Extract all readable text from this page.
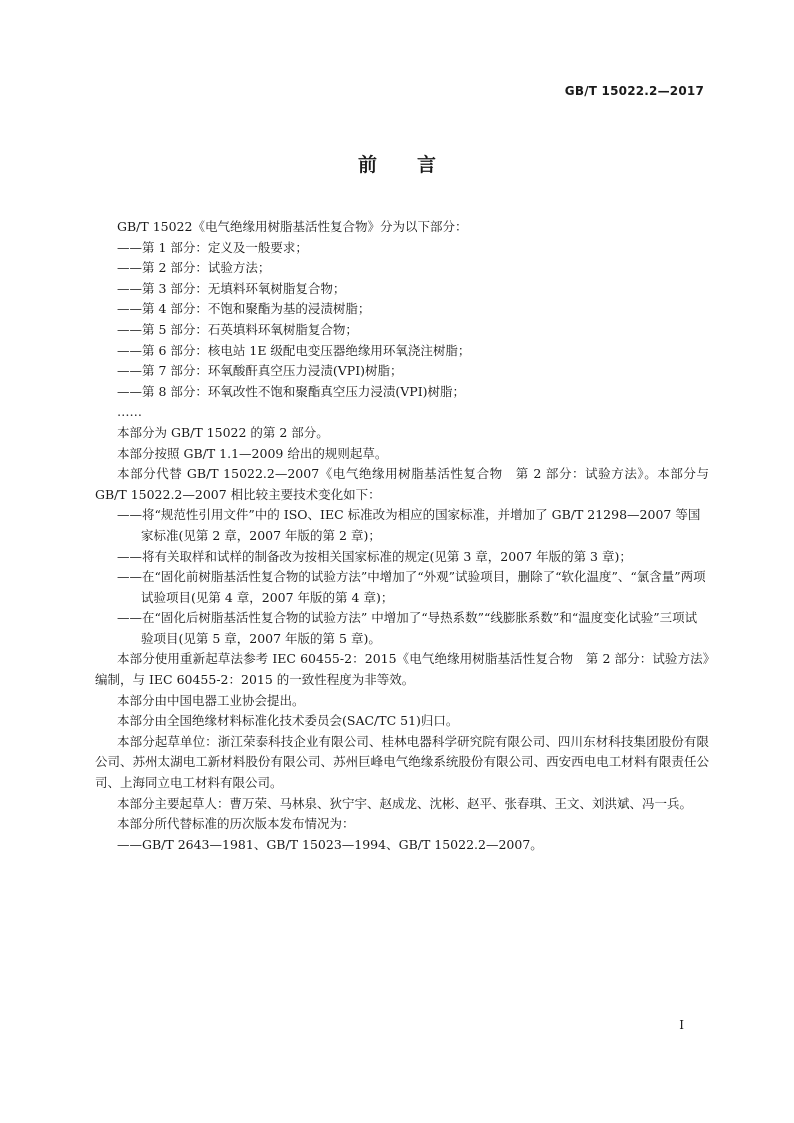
GB/T 15022.2—2017
前 言

GB/T 15022《电气绝缘用树脂基活性复合物》分为以下部分：

——第 1 部分：定义及一般要求；

——第 2 部分：试验方法；

——第 3 部分：无填料环氧树脂复合物；

——第 4 部分：不饱和聚酯为基的浸渍树脂；

——第 5 部分：石英填料环氧树脂复合物；

——第 6 部分：核电站 1E 级配电变压器绝缘用环氧浇注树脂；

——第 7 部分：环氧酸酐真空压力浸渍(VPI)树脂；

——第 8 部分：环氧改性不饱和聚酯真空压力浸渍(VPI)树脂；

……

本部分为 GB/T 15022 的第 2 部分。

本部分按照 GB/T 1.1—2009 给出的规则起草。

本部分代替 GB/T 15022.2—2007《电气绝缘用树脂基活性复合物　第 2 部分：试验方法》。本部分与 GB/T 15022.2—2007 相比较主要技术变化如下：

——将“规范性引用文件”中的 ISO、IEC 标准改为相应的国家标准，并增加了 GB/T 21298—2007 等国家标准(见第 2 章，2007 年版的第 2 章)；

——将有关取样和试样的制备改为按相关国家标准的规定(见第 3 章，2007 年版的第 3 章)；

——在“固化前树脂基活性复合物的试验方法”中增加了“外观”试验项目，删除了“软化温度”、“氯含量”两项试验项目(见第 4 章，2007 年版的第 4 章)；

——在“固化后树脂基活性复合物的试验方法” 中增加了“导热系数”“线膨胀系数”和“温度变化试验”三项试验项目(见第 5 章，2007 年版的第 5 章)。

本部分使用重新起草法参考 IEC 60455-2：2015《电气绝缘用树脂基活性复合物　第 2 部分：试验方法》编制，与 IEC 60455-2：2015 的一致性程度为非等效。

本部分由中国电器工业协会提出。

本部分由全国绝缘材料标准化技术委员会(SAC/TC 51)归口。

本部分起草单位：浙江荣泰科技企业有限公司、桂林电器科学研究院有限公司、四川东材科技集团股份有限公司、苏州太湖电工新材料股份有限公司、苏州巨峰电气绝缘系统股份有限公司、西安西电电工材料有限责任公司、上海同立电工材料有限公司。

本部分主要起草人：曹万荣、马林泉、狄宁宇、赵成龙、沈彬、赵平、张春琪、王文、刘洪斌、冯一兵。

本部分所代替标准的历次版本发布情况为：

——GB/T 2643—1981、GB/T 15023—1994、GB/T 15022.2—2007。

I
